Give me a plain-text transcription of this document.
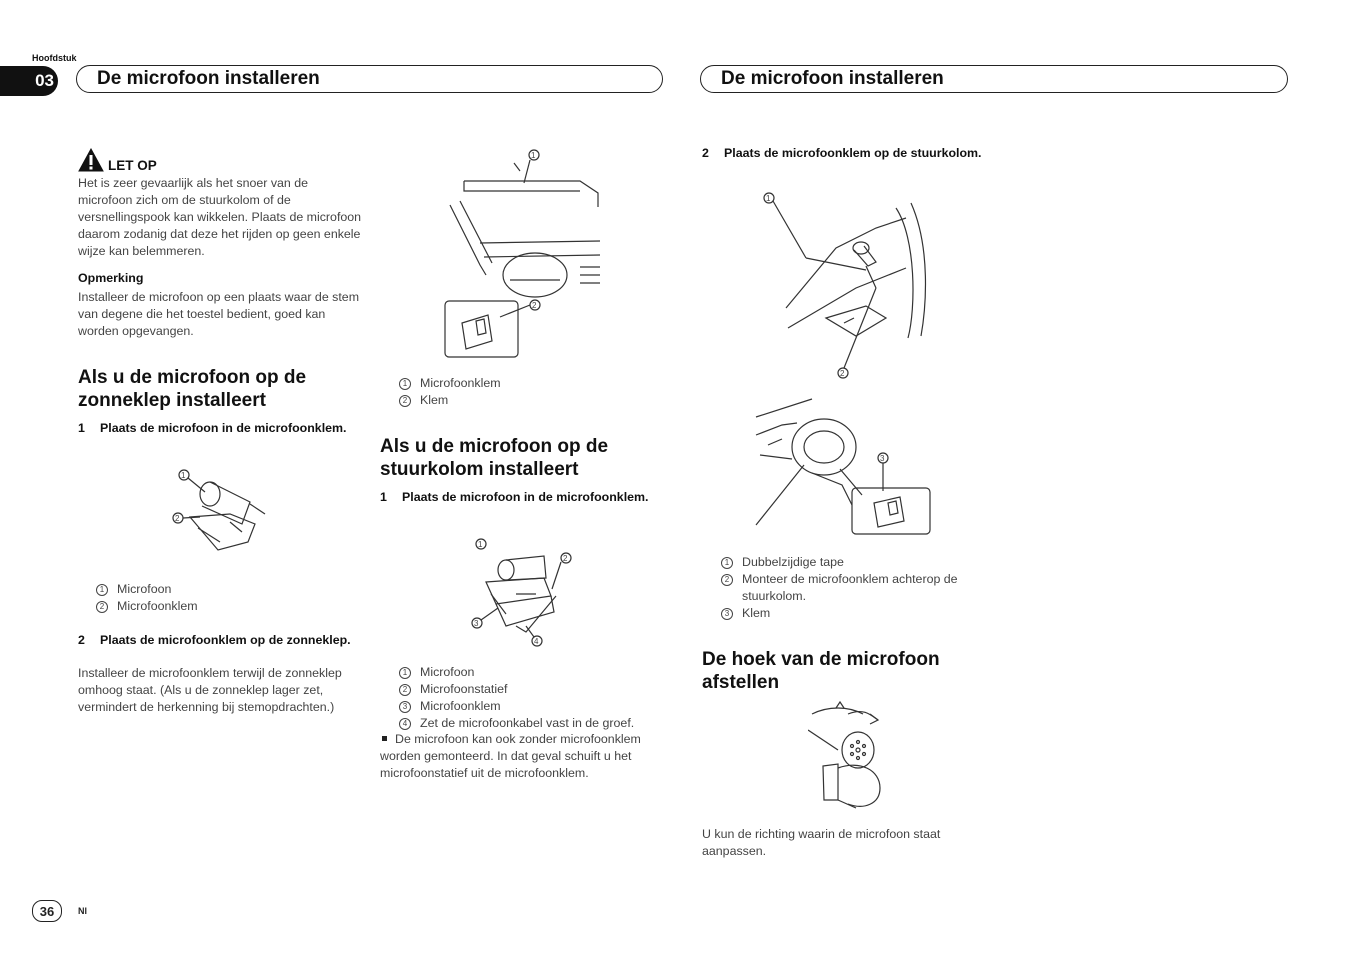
Hoofdstuk
03	De microfoon installeren	De microfoon installeren
LET OP
Het is zeer gevaarlijk als het snoer van de microfoon zich om de stuurkolom of de versnellingspook kan wikkelen. Plaats de microfoon daarom zodanig dat deze het rijden op geen enkele wijze kan belemmeren.
Opmerking
Installeer de microfoon op een plaats waar de stem van degene die het toestel bedient, goed kan worden opgevangen.
Als u de microfoon op de zonneklep installeert
1 Plaats de microfoon in de microfoonklem.
1
2
1	Microfoon
2	Microfoonklem
2 Plaats de microfoonklem op de zonneklep.
Installeer de microfoonklem terwijl de zonneklep omhoog staat. (Als u de zonneklep lager zet, vermindert de herkenning bij stemopdrachten.)
1
2
1	Microfoonklem
2	Klem
Als u de microfoon op de stuurkolom installeert
1 Plaats de microfoon in de microfoonklem.
1
2
3
4
1	Microfoon
2	Microfoonstatief
3	Microfoonklem
4	Zet de microfoonkabel vast in de groef.
De microfoon kan ook zonder microfoonklem worden gemonteerd. In dat geval schuift u het microfoonstatief uit de microfoonklem.
2 Plaats de microfoonklem op de stuurkolom.
1
2
3
1	Dubbelzijdige tape
2	Monteer de microfoonklem achterop de stuurkolom.
3	Klem
De hoek van de microfoon afstellen
U kun de richting waarin de microfoon staat aanpassen.
36	Nl
